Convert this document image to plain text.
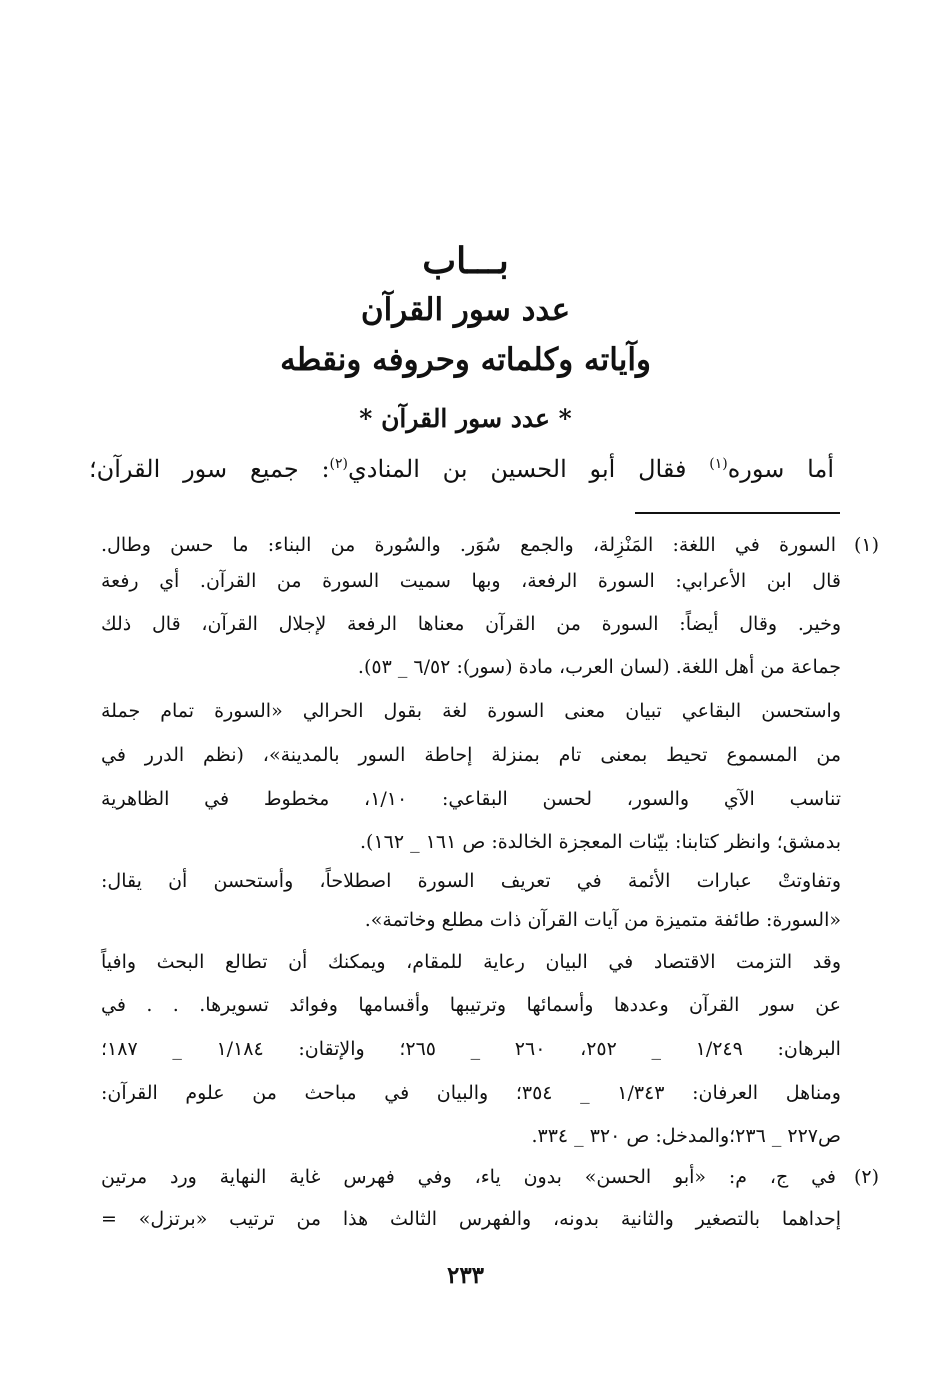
بـــاب
عدد سور القرآن
وآياته وكلماته وحروفه ونقطه
* عدد سور القرآن *
أما سوره$^{(١)}$ فقال أبو الحسين بن المنادي$^{(٢)}$: جميع سور القرآن؛
(١)
السورة في اللغة: المَنْزِلة، والجمع سُوَر. والسُورة من البناء: ما حسن وطال.
قال ابن الأعرابي: السورة الرفعة، وبها سميت السورة من القرآن. أي رفعة
وخير. وقال أيضاً: السورة من القرآن معناها الرفعة لإجلال القرآن، قال ذلك
جماعة من أهل اللغة. (لسان العرب، مادة (سور): ٦/٥٢ _ ٥٣).
واستحسن البقاعي تبيان معنى السورة لغة بقول الحرالي «السورة تمام جملة
من المسموع تحيط بمعنى تام بمنزلة إحاطة السور بالمدينة»، (نظم الدرر في
تناسب الآي والسور، لحسن البقاعي: ١/١٠، مخطوط في الظاهرية
بدمشق؛ وانظر كتابنا: بيّنات المعجزة الخالدة: ص ١٦١ _ ١٦٢).
وتفاوتتْ عبارات الأئمة في تعريف السورة اصطلاحاً، وأستحسن أن يقال:
«السورة: طائفة متميزة من آيات القرآن ذات مطلع وخاتمة».
وقد التزمت الاقتصاد في البيان رعاية للمقام، ويمكنك أن تطالع البحث وافياً
عن سور القرآن وعددها وأسمائها وترتيبها وأقسامها وفوائد تسويرها. . . في
البرهان: ١/٢٤٩ _ ٢٥٢، ٢٦٠ _ ٢٦٥؛ والإتقان: ١/١٨٤ _ ١٨٧؛
ومناهل العرفان: ١/٣٤٣ _ ٣٥٤؛ والبيان في مباحث من علوم القرآن:
ص٢٢٧ _ ٢٣٦؛والمدخل: ص ٣٢٠ _ ٣٣٤.
(٢)
في ج، م: «أبو الحسن» بدون ياء، وفي فهرس غاية النهاية ورد مرتين
إحداهما بالتصغير والثانية بدونه، والفهرس الثالث هذا من ترتيب «برتزل» =
٢٣٣
